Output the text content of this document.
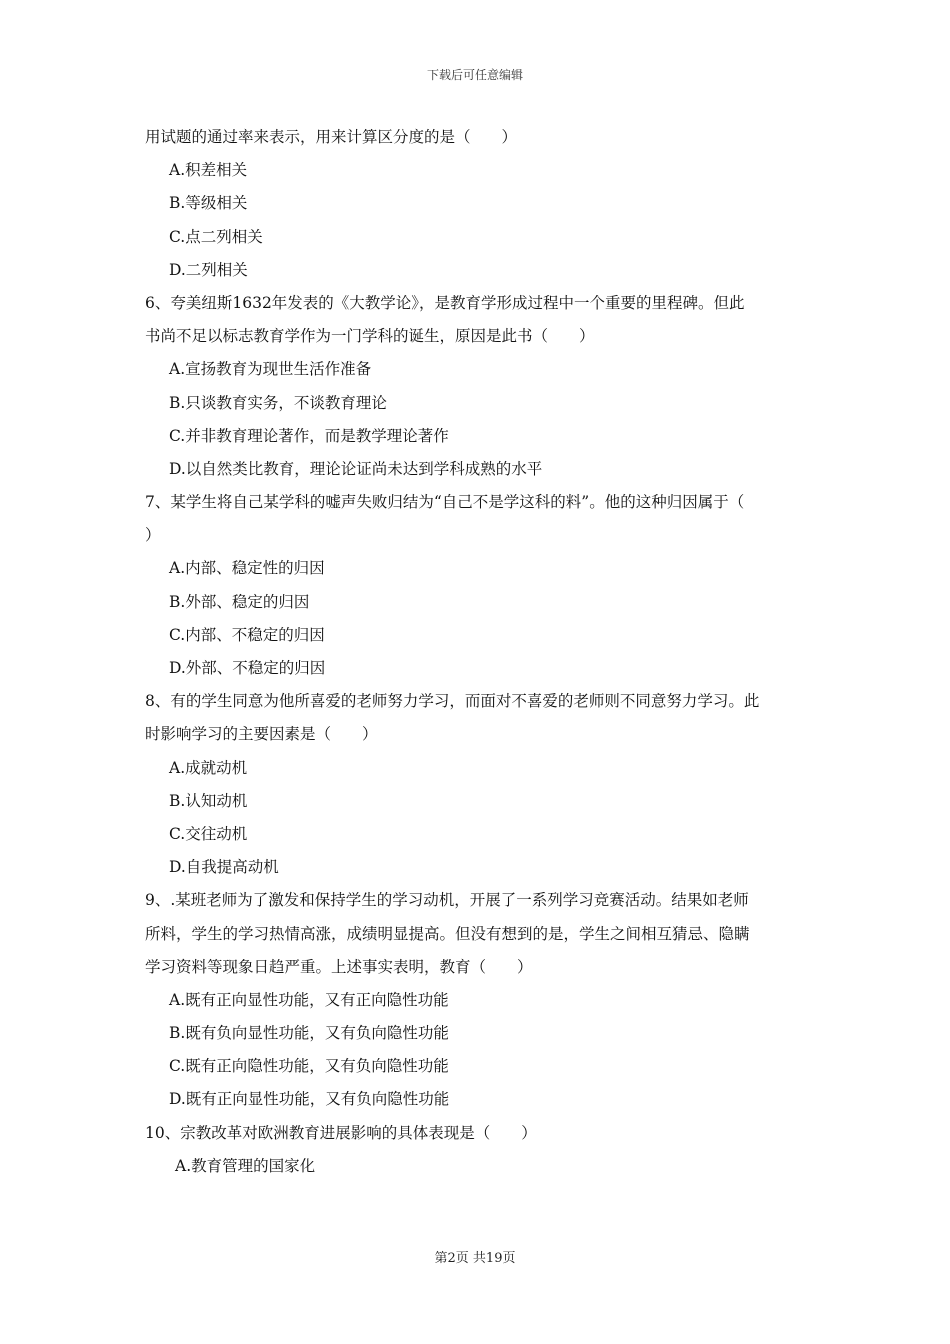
下载后可任意编辑
用试题的通过率来表示，用来计算区分度的是（　　）
A.积差相关
B.等级相关
C.点二列相关
D.二列相关
6、夸美纽斯1632年发表的《大教学论》，是教育学形成过程中一个重要的里程碑。但此
书尚不足以标志教育学作为一门学科的诞生，原因是此书（　　）
A.宣扬教育为现世生活作准备
B.只谈教育实务，不谈教育理论
C.并非教育理论著作，而是教学理论著作
D.以自然类比教育，理论论证尚未达到学科成熟的水平
7、某学生将自己某学科的嘘声失败归结为“自己不是学这科的料”。他的这种归因属于（
）
A.内部、稳定性的归因
B.外部、稳定的归因
C.内部、不稳定的归因
D.外部、不稳定的归因
8、有的学生同意为他所喜爱的老师努力学习，而面对不喜爱的老师则不同意努力学习。此
时影响学习的主要因素是（　　）
A.成就动机
B.认知动机
C.交往动机
D.自我提高动机
9、.某班老师为了激发和保持学生的学习动机，开展了一系列学习竞赛活动。结果如老师
所料，学生的学习热情高涨，成绩明显提高。但没有想到的是，学生之间相互猜忌、隐瞒
学习资料等现象日趋严重。上述事实表明，教育（　　）
A.既有正向显性功能，又有正向隐性功能
B.既有负向显性功能，又有负向隐性功能
C.既有正向隐性功能，又有负向隐性功能
D.既有正向显性功能，又有负向隐性功能
10、宗教改革对欧洲教育进展影响的具体表现是（　　）
A.教育管理的国家化
第2页 共19页
